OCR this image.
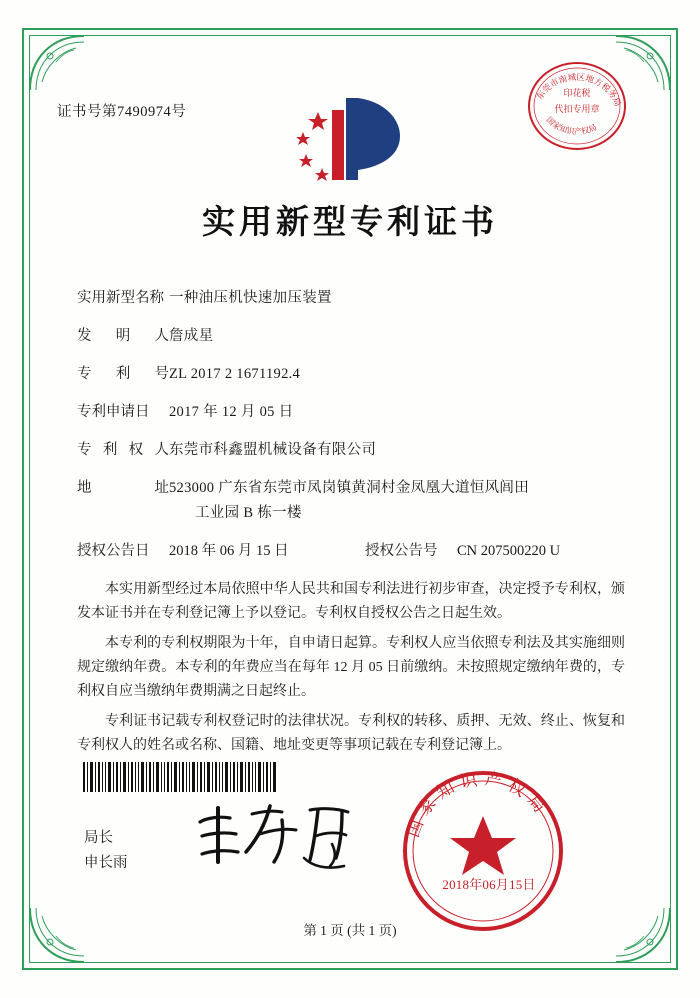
证书号第7490974号
印花税
代扣专用章
东莞市南城区地方税务局
国家知识产权局
实用新型专利证书
实用新型名称 一种油压机快速加压装置
发 明 人 詹成星
专 利 号 ZL 2017 2 1671192.4
专利申请日	2017 年 12 月 05 日
专 利 权 人 东莞市科鑫盟机械设备有限公司
地	址 523000 广东省东莞市凤岗镇黄洞村金凤凰大道恒风闾田
工业园 B 栋一楼
授权公告日	2018 年 06 月 15 日	授权公告号	CN 207500220 U

本实用新型经过本局依照中华人民共和国专利法进行初步审查，决定授予专利权，颁发本证书并在专利登记簿上予以登记。专利权自授权公告之日起生效。

本专利的专利权期限为十年，自申请日起算。专利权人应当依照专利法及其实施细则规定缴纳年费。本专利的年费应当在每年 12 月 05 日前缴纳。未按照规定缴纳年费的，专利权自应当缴纳年费期满之日起终止。

专利证书记载专利权登记时的法律状况。专利权的转移、质押、无效、终止、恢复和专利权人的姓名或名称、国籍、地址变更等事项记载在专利登记簿上。

局长
申长雨
国家知识产权局
2018年06月15日
第 1 页 (共 1 页)
